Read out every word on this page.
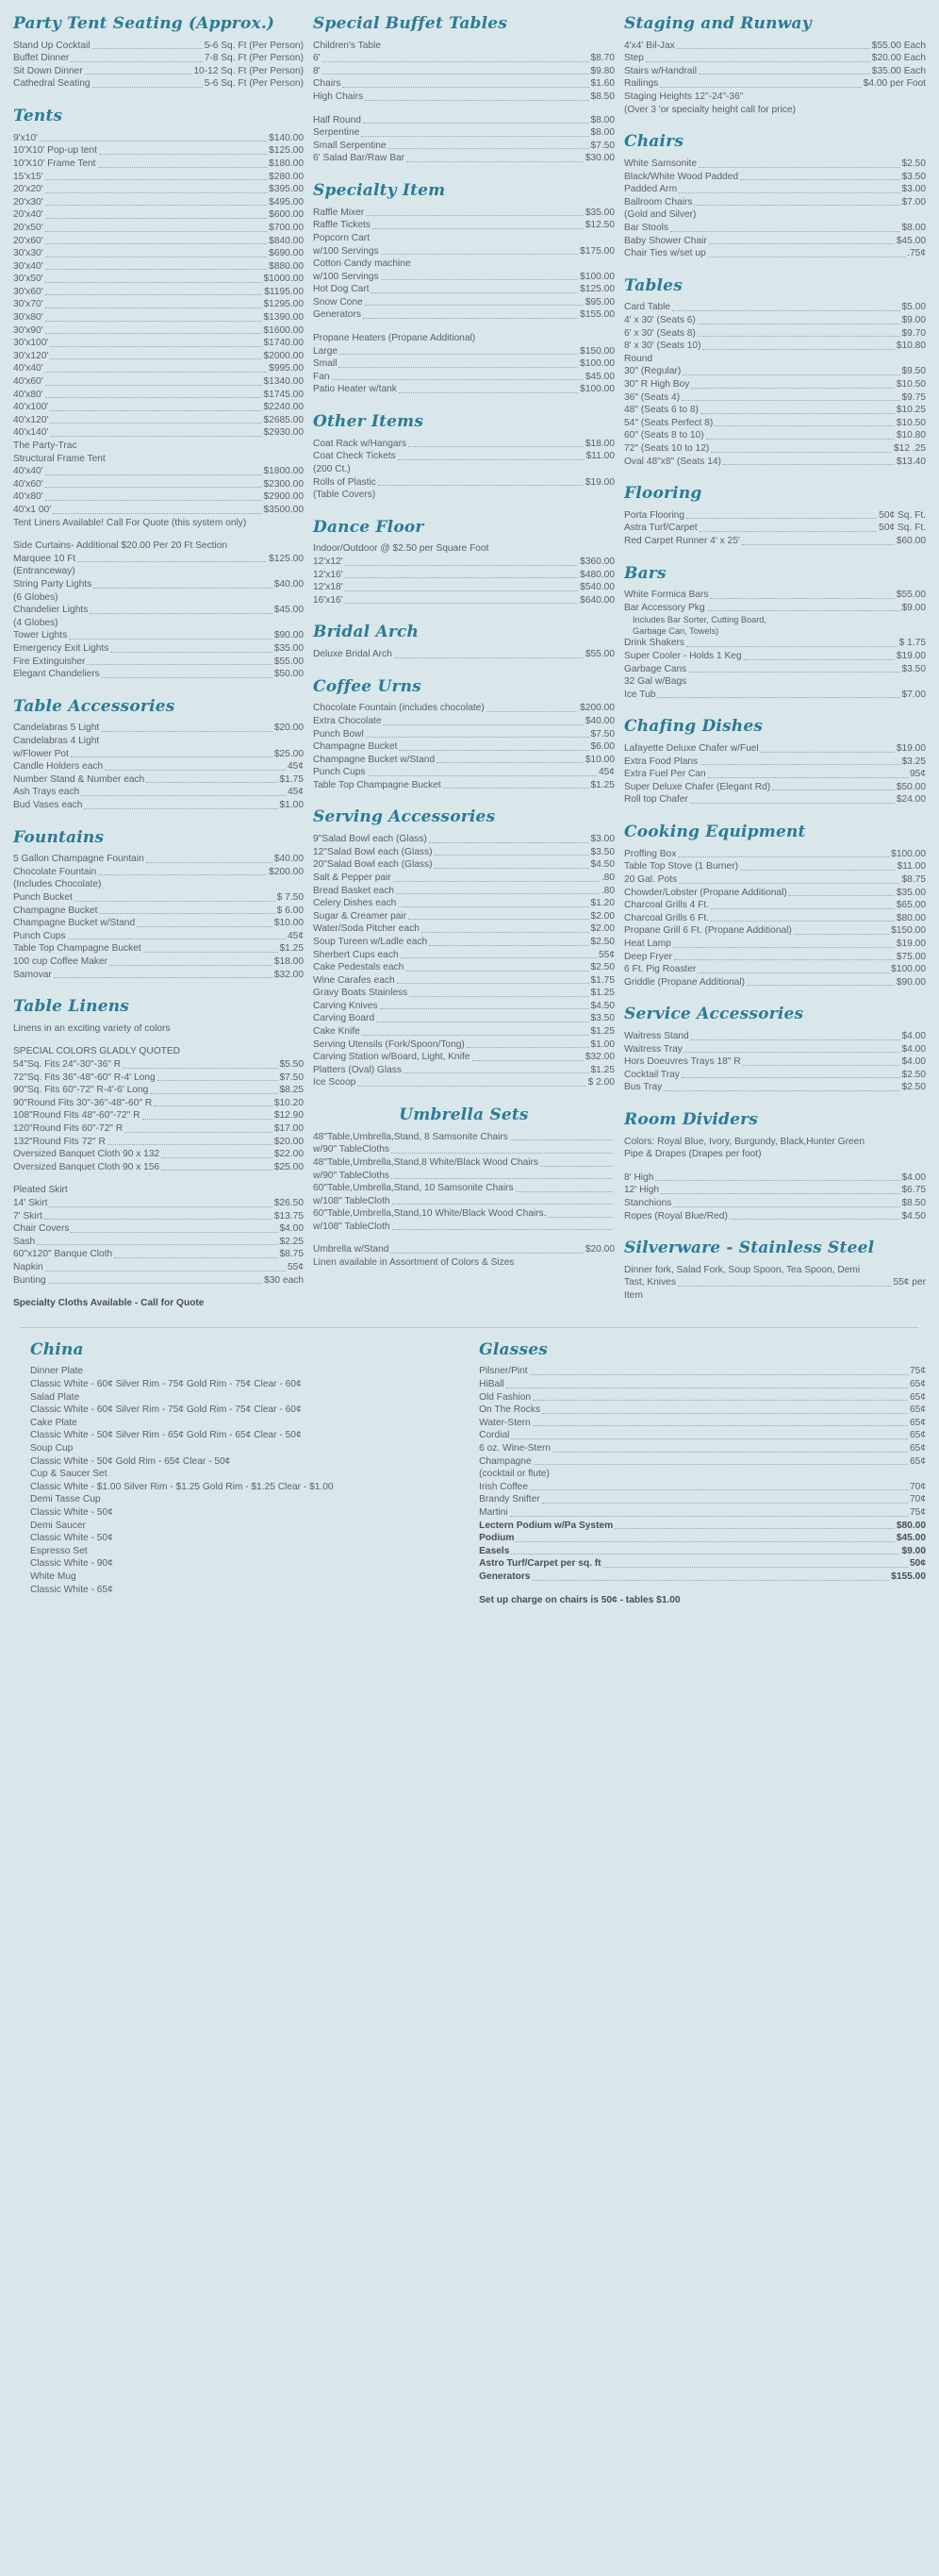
Party Tent Seating (Approx.)
Stand Up Cocktail	5-6 Sq. Ft (Per Person)
Buffet Dinner	7-8 Sq. Ft (Per Person)
Sit Down Dinner	10-12 Sq. Ft (Per Person)
Cathedral Seating	5-6 Sq. Ft (Per Person)
Tents
9'x10'	$140.00
10'X10' Pop-up tent	$125.00
10'X10' Frame Tent	$180.00
15'x15'	$280.00
20'x20'	$395.00
20'x30'	$495.00
20'x40'	$600.00
20'x50'	$700.00
20'x60'	$840.00
30'x30'	$690.00
30'x40'	$880.00
30'x50'	$1000.00
30'x60'	$1195.00
30'x70'	$1295.00
30'x80'	$1390.00
30'x90'	$1600.00
30'x100'	$1740.00
30'x120'	$2000.00
40'x40'	$995.00
40'x60'	$1340.00
40'x80'	$1745.00
40'x100'	$2240.00
40'x120'	$2685.00
40'x140'	$2930.00
The Party-Trac
Structural Frame Tent
40'x40'	$1800.00
40'x60'	$2300.00
40'x80'	$2900.00
40'x1 00'	$3500.00
Tent Liners Available! Call For Quote (this system only)
Side Curtains- Additional $20.00 Per 20 Ft Section
Marquee 10 Ft	$125.00
(Entranceway)
String Party Lights	$40.00
(6 Globes)
Chandelier Lights	$45.00
(4 Globes)
Tower Lights	$90.00
Emergency Exit Lights	$35.00
Fire Extinguisher	$55.00
Elegant Chandeliers	$50.00
Table Accessories
Candelabras 5 Light	$20.00
Candelabras 4 Light
w/Flower Pot	$25.00
Candle Holders each	45¢
Number Stand & Number each	$1.75
Ash Trays each	45¢
Bud Vases each	$1.00
Fountains
5 Gallon Champagne Fountain	$40.00
Chocolate Fountain	$200.00
(Includes Chocolate)
Punch Bucket	$ 7.50
Champagne Bucket	$ 6.00
Champagne Bucket w/Stand	$10.00
Punch Cups	45¢
Table Top Champagne Bucket	$1.25
100 cup Coffee Maker	$18.00
Samovar	$32.00
Table Linens
Linens in an exciting variety of colors
SPECIAL COLORS GLADLY QUOTED
54"Sq. Fits 24"-30"-36" R	$5.50
72"Sq. Fits 36"-48"-60" R-4' Long	$7.50
90"Sq. Fits 60"-72" R-4'-6' Long	$8.25
90"Round Fits 30"-36"-48"-60" R	$10.20
108"Round Fits 48"-60"-72" R	$12.90
120"Round Fits 60"-72" R	$17.00
132"Round Fits 72" R	$20.00
Oversized Banquet Cloth 90 x 132	$22.00
Oversized Banquet Cloth 90 x 156	$25.00
Pleated Skirt
14' Skirt	$26.50
7' Skirt	$13.75
Chair Covers	$4.00
Sash	$2.25
60"x120" Banque Cloth	$8.75
Napkin	55¢
Bunting	$30 each
Specialty Cloths Available - Call for Quote
Special Buffet Tables
Children's Table
6'	$8.70
8'	$9.80
Chairs	$1.60
High Chairs	$8.50
Half Round	$8.00
Serpentine	$8.00
Small Serpentine	$7.50
6' Salad Bar/Raw Bar	$30.00
Specialty Item
Raffle Mixer	$35.00
Raffle Tickets	$12.50
Popcorn Cart
w/100 Servings	$175.00
Cotton Candy machine
w/100 Servings	$100.00
Hot Dog Cart	$125.00
Snow Cone	$95.00
Generators	$155.00
Propane Heaters (Propane Additional)
Large	$150.00
Small	$100.00
Fan	$45.00
Patio Heater w/tank	$100.00
Other Items
Coat Rack w/Hangars	$18.00
Coat Check Tickets	$11.00
(200 Ct.)
Rolls of Plastic	$19.00
(Table Covers)
Dance Floor
Indoor/Outdoor @ $2.50 per Square Foot
12'x12'	$360.00
12'x16'	$480.00
12'x18'	$540.00
16'x16'	$640.00
Bridal Arch
Deluxe Bridal Arch	$55.00
Coffee Urns
Chocolate Fountain (includes chocolate)	$200.00
Extra Chocolate	$40.00
Punch Bowl	$7.50
Champagne Bucket	$6.00
Champagne Bucket w/Stand	$10.00
Punch Cups	45¢
Table Top Champagne Bucket	$1.25
Serving Accessories
9"Salad Bowl each (Glass)	$3.00
12"Salad Bowl each (Glass)	$3.50
20"Salad Bowl each (Glass)	$4.50
Salt & Pepper pair	.80
Bread Basket each	.80
Celery Dishes each	$1.20
Sugar & Creamer pair	$2.00
Water/Soda Pitcher each	$2.00
Soup Tureen w/Ladle each	$2.50
Sherbert Cups each	55¢
Cake Pedestals each	$2.50
Wine Carafes each	$1.75
Gravy Boats Stainless	$1.25
Carving Knives	$4.50
Carving Board	$3.50
Cake Knife	$1.25
Serving Utensils (Fork/Spoon/Tong)	$1.00
Carving Station w/Board, Light, Knife	$32.00
Platters (Oval) Glass	$1.25
Ice Scoop	$ 2.00
Umbrella Sets
48"Table,Umbrella,Stand, 8 Samsonite Chairs
w/90" TableCloths
48"Table,Umbrella,Stand,8 White/Black Wood Chairs
w/90" TableCloths
60"Table,Umbrella,Stand, 10 Samsonite Chairs
w/108" TableCloth
60"Table,Umbrella,Stand,10 White/Black Wood Chairs.
w/108" TableCloth
Umbrella w/Stand	$20.00
Linen available in Assortment of Colors & Sizes
Staging and Runway
4'x4' Bil-Jax	$55.00 Each
Step	$20.00 Each
Stairs w/Handrail	$35.00 Each
Railings	$4.00 per Foot
Staging Heights 12"-24"-36"
(Over 3 'or specialty height call for price)
Chairs
White Samsonite	$2.50
Black/White Wood Padded	$3.50
Padded Arm	$3.00
Ballroom Chairs	$7.00
(Gold and Silver)
Bar Stools	$8.00
Baby Shower Chair	$45.00
Chair Ties w/set up	.75¢
Tables
Card Table	$5.00
4' x 30' (Seats 6)	$9.00
6' x 30' (Seats 8)	$9.70
8' x 30' (Seats 10)	$10.80
Round
30" (Regular)	$9.50
30" R High Boy	$10.50
36" (Seats 4)	$9.75
48" (Seats 6 to 8)	$10.25
54" (Seats Perfect 8)	$10.50
60" (Seats 8 to 10)	$10.80
72" (Seats 10 to 12)	$12 .25
Oval 48"x8" (Seats 14)	$13.40
Flooring
Porta Flooring	50¢ Sq. Ft.
Astra Turf/Carpet	50¢ Sq. Ft.
Red Carpet Runner 4' x 25'	$60.00
Bars
White Formica Bars	$55.00
Bar Accessory Pkg	$9.00
Includes Bar Sorter, Cutting Board,
Garbage Can, Towels)
Drink Shakers	$ 1.75
Super Cooler - Holds 1 Keg	$19.00
Garbage Cans	$3.50
32 Gal w/Bags
Ice Tub	$7.00
Chafing Dishes
Lafayette Deluxe Chafer w/Fuel	$19.00
Extra Food Plans	$3.25
Extra Fuel Per Can	95¢
Super Deluxe Chafer (Elegant Rd)	$50.00
Roll top Chafer	$24.00
Cooking Equipment
Proffing Box	$100.00
Table Top Stove (1 Burner)	$11.00
20 Gal. Pots	$8.75
Chowder/Lobster (Propane Additional)	$35.00
Charcoal Grills 4 Ft.	$65.00
Charcoal Grills 6 Ft.	$80.00
Propane Grill 6 Ft. (Propane Additional)	$150.00
Heat Lamp	$19.00
Deep Fryer	$75.00
6 Ft. Pig Roaster	$100.00
Griddle (Propane Additional)	$90.00
Service Accessories
Waitress Stand	$4.00
Waitress Tray	$4.00
Hors Doeuvres Trays 18" R	$4.00
Cocktail Tray	$2.50
Bus Tray	$2.50
Room Dividers
Colors: Royal Blue, Ivory, Burgundy, Black,Hunter Green
Pipe & Drapes (Drapes per foot)
8' High	$4.00
12' High	$6.75
Stanchions	$8.50
Ropes (Royal Blue/Red)	$4.50
Silverware - Stainless Steel
Dinner fork, Salad Fork, Soup Spoon, Tea Spoon, Demi
Tast, Knives	55¢ per
Item
China
Dinner Plate
Classic White - 60¢ Silver Rim - 75¢ Gold Rim - 75¢ Clear - 60¢
Salad Plate
Classic White - 60¢ Silver Rim - 75¢ Gold Rim - 75¢ Clear - 60¢
Cake Plate
Classic White - 50¢ Silver Rim - 65¢ Gold Rim - 65¢ Clear - 50¢
Soup Cup
Classic White - 50¢ Gold Rim - 65¢ Clear - 50¢
Cup & Saucer Set
Classic White - $1.00 Silver Rim - $1.25 Gold Rim - $1.25 Clear - $1.00
Demi Tasse Cup
Classic White - 50¢
Demi Saucer
Classic White - 50¢
Espresso Set
Classic White - 90¢
White Mug
Classic White - 65¢
Glasses
Pilsner/Pint	75¢
HiBall	65¢
Old Fashion	65¢
On The Rocks	65¢
Water-Stern	65¢
Cordial	65¢
6 oz. Wine-Stern	65¢
Champagne	65¢
(cocktail or flute)
Irish Coffee	70¢
Brandy Snifter	70¢
Martini	75¢
Lectern Podium w/Pa System	$80.00
Podium	$45.00
Easels	$9.00
Astro Turf/Carpet per sq. ft	50¢
Generators	$155.00
Set up charge on chairs is 50¢ - tables $1.00
